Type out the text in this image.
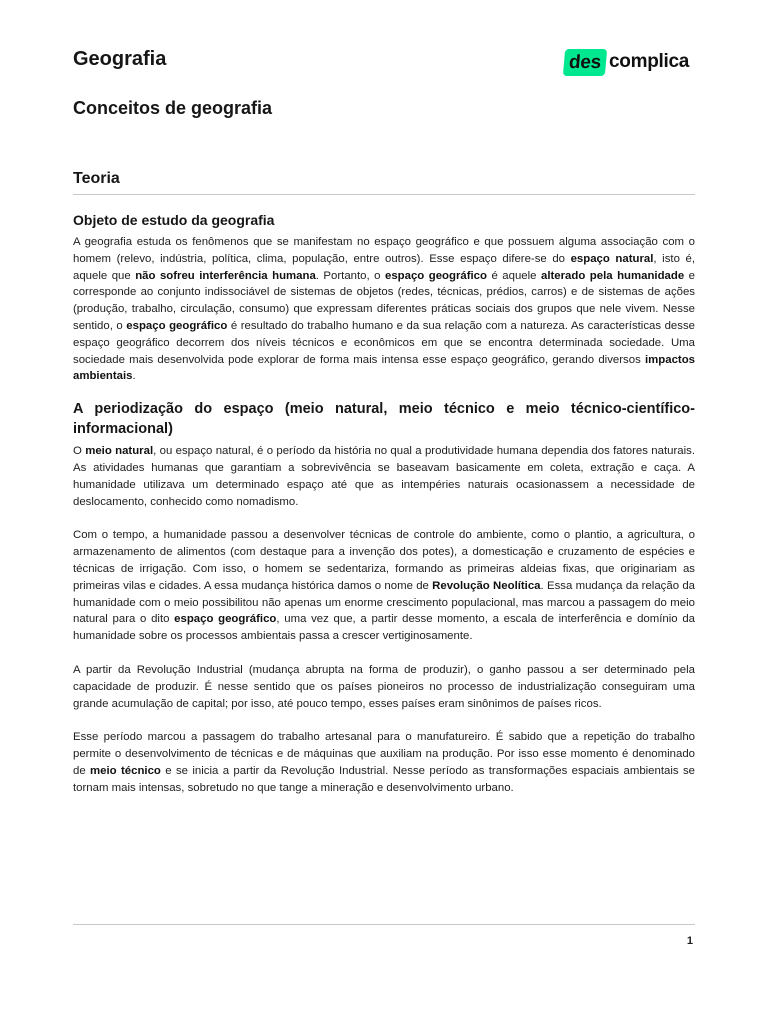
Geografia	des complica
Conceitos de geografia
Teoria
Objeto de estudo da geografia

A geografia estuda os fenômenos que se manifestam no espaço geográfico e que possuem alguma associação com o homem (relevo, indústria, política, clima, população, entre outros). Esse espaço difere-se do espaço natural, isto é, aquele que não sofreu interferência humana. Portanto, o espaço geográfico é aquele alterado pela humanidade e corresponde ao conjunto indissociável de sistemas de objetos (redes, técnicas, prédios, carros) e de sistemas de ações (produção, trabalho, circulação, consumo) que expressam diferentes práticas sociais dos grupos que nele vivem. Nesse sentido, o espaço geográfico é resultado do trabalho humano e da sua relação com a natureza. As características desse espaço geográfico decorrem dos níveis técnicos e econômicos em que se encontra determinada sociedade. Uma sociedade mais desenvolvida pode explorar de forma mais intensa esse espaço geográfico, gerando diversos impactos ambientais.

A periodização do espaço (meio natural, meio técnico e meio técnico-científico-informacional)

O meio natural, ou espaço natural, é o período da história no qual a produtividade humana dependia dos fatores naturais. As atividades humanas que garantiam a sobrevivência se baseavam basicamente em coleta, extração e caça. A humanidade utilizava um determinado espaço até que as intempéries naturais ocasionassem a necessidade de deslocamento, conhecido como nomadismo.

Com o tempo, a humanidade passou a desenvolver técnicas de controle do ambiente, como o plantio, a agricultura, o armazenamento de alimentos (com destaque para a invenção dos potes), a domesticação e cruzamento de espécies e técnicas de irrigação. Com isso, o homem se sedentariza, formando as primeiras aldeias fixas, que originariam as primeiras vilas e cidades. A essa mudança histórica damos o nome de Revolução Neolítica. Essa mudança da relação da humanidade com o meio possibilitou não apenas um enorme crescimento populacional, mas marcou a passagem do meio natural para o dito espaço geográfico, uma vez que, a partir desse momento, a escala de interferência e domínio da humanidade sobre os processos ambientais passa a crescer vertiginosamente.

A partir da Revolução Industrial (mudança abrupta na forma de produzir), o ganho passou a ser determinado pela capacidade de produzir. É nesse sentido que os países pioneiros no processo de industrialização conseguiram uma grande acumulação de capital; por isso, até pouco tempo, esses países eram sinônimos de países ricos.

Esse período marcou a passagem do trabalho artesanal para o manufatureiro. É sabido que a repetição do trabalho permite o desenvolvimento de técnicas e de máquinas que auxiliam na produção. Por isso esse momento é denominado de meio técnico e se inicia a partir da Revolução Industrial. Nesse período as transformações espaciais ambientais se tornam mais intensas, sobretudo no que tange a mineração e desenvolvimento urbano.

1
